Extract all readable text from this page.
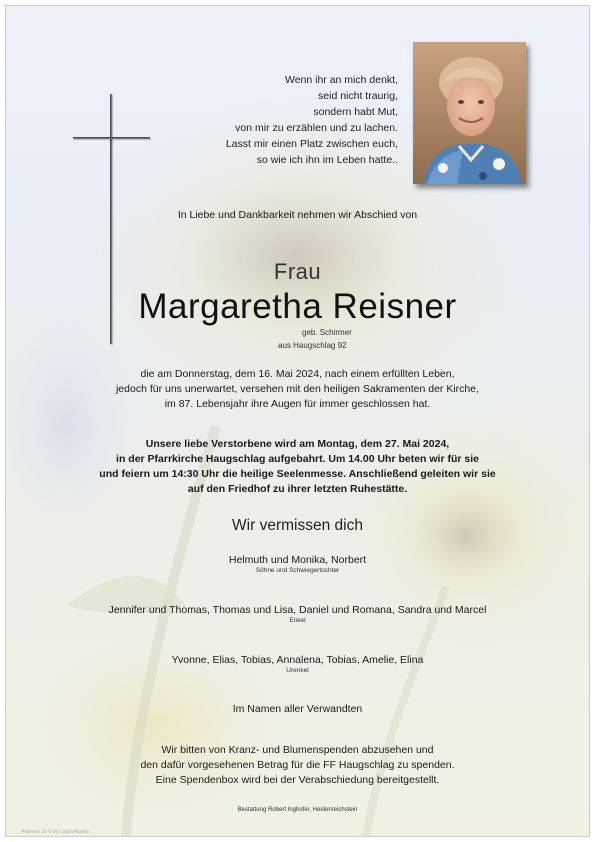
Wenn ihr an mich denkt,
seid nicht traurig,
sondern habt Mut,
von mir zu erzählen und zu lachen.
Lasst mir einen Platz zwischen euch,
so wie ich ihn im Leben hatte..
In Liebe und Dankbarkeit nehmen wir Abschied von
Frau
Margaretha Reisner
geb. Schirmer
aus Haugschlag 92
die am Donnerstag, dem 16. Mai 2024, nach einem erfüllten Leben,
jedoch für uns unerwartet, versehen mit den heiligen Sakramenten der Kirche,
im 87. Lebensjahr ihre Augen für immer geschlossen hat.
Unsere liebe Verstorbene wird am Montag, dem 27. Mai 2024,
in der Pfarrkirche Haugschlag aufgebahrt. Um 14.00 Uhr beten wir für sie
und feiern um 14:30 Uhr die heilige Seelenmesse. Anschließend geleiten wir sie
auf den Friedhof zu ihrer letzten Ruhestätte.
Wir vermissen dich
Helmuth und Monika, Norbert
Söhne und Schwiegertochter
Jennifer und Thomas, Thomas und Lisa, Daniel und Romana, Sandra und Marcel
Enkel
Yvonne, Elias, Tobias, Annalena, Tobias, Amelie, Elina
Urenkel
Im Namen aller Verwandten
Wir bitten von Kranz- und Blumenspenden abzusehen und
den dafür vorgesehenen Betrag für die FF Haugschlag zu spenden.
Eine Spendenbox wird bei der Verabschiedung bereitgestellt.
Bestattung Robert Inghofer, Heidenreichstein
Andrees 10 © by LoachAustria
